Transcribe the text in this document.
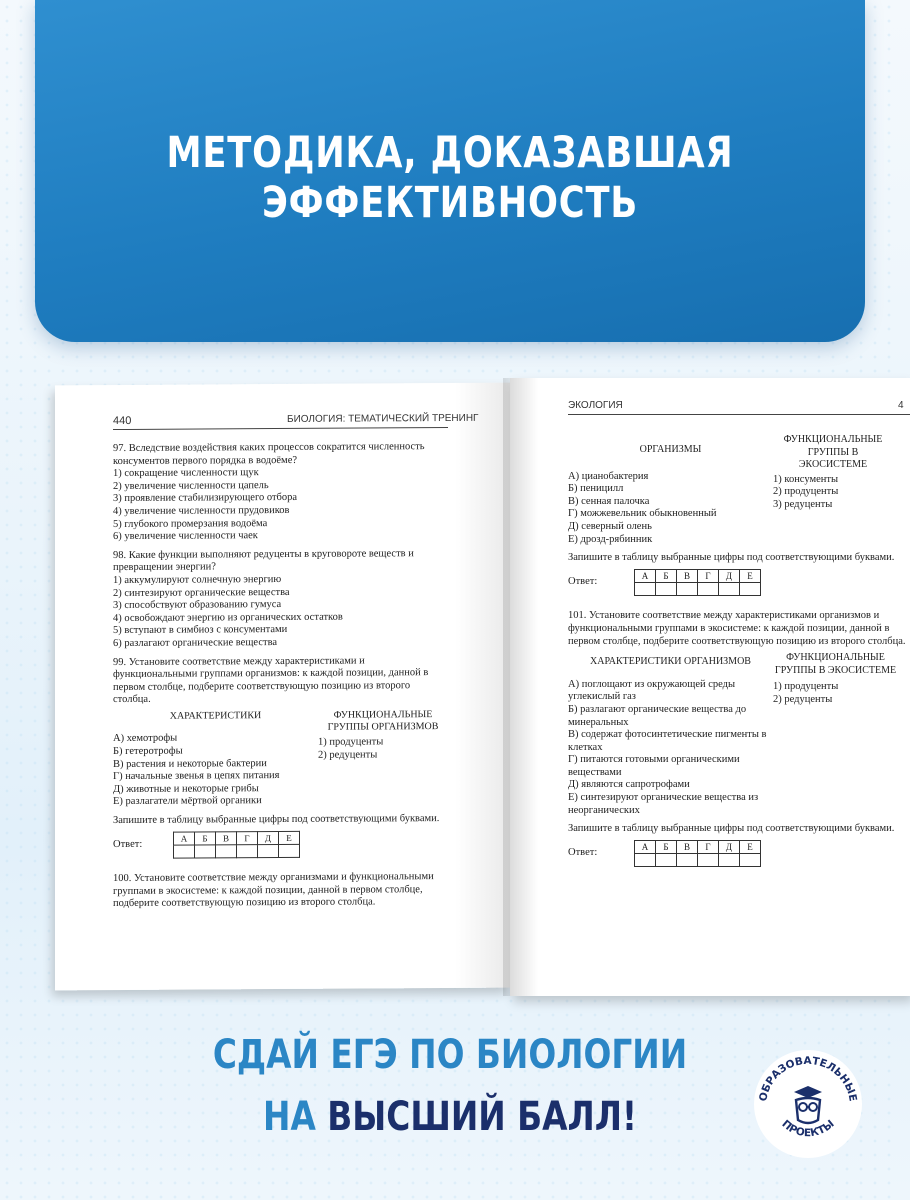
МЕТОДИКА, ДОКАЗАВШАЯ ЭФФЕКТИВНОСТЬ
440	БИОЛОГИЯ: ТЕМАТИЧЕСКИЙ ТРЕНИНГ

97. Вследствие воздействия каких процессов сократится численность консументов первого порядка в водоёме?

1) сокращение численности щук

2) увеличение численности цапель

3) проявление стабилизирующего отбора

4) увеличение численности прудовиков

5) глубокого промерзания водоёма

6) увеличение численности чаек

98. Какие функции выполняют редуценты в круговороте веществ и превращении энергии?

1) аккумулируют солнечную энергию

2) синтезируют органические вещества

3) способствуют образованию гумуса

4) освобождают энергию из органических остатков

5) вступают в симбиоз с консументами

6) разлагают органические вещества

99. Установите соответствие между характеристиками и функциональными группами организмов: к каждой позиции, данной в первом столбце, подберите соответствующую позицию из второго столбца.

ХАРАКТЕРИСТИКИ

А) хемотрофы

Б) гетеротрофы

В) растения и некоторые бактерии

Г) начальные звенья в цепях питания

Д) животные и некоторые грибы

Е) разлагатели мёртвой органики

ФУНКЦИОНАЛЬНЫЕ ГРУППЫ ОРГАНИЗМОВ

1) продуценты

2) редуценты

Запишите в таблицу выбранные цифры под соответствующими буквами.

Ответ:
А	Б	В	Г	Д	Е

100. Установите соответствие между организмами и функциональными группами в экосистеме: к каждой позиции, данной в первом столбце, подберите соответствующую позицию из второго столбца.

ЭКОЛОГИЯ	4
ОРГАНИЗМЫ

А) цианобактерия

Б) пеницилл

В) сенная палочка

Г) можжевельник обыкновенный

Д) северный олень

Е) дрозд-рябинник

ФУНКЦИОНАЛЬНЫЕ ГРУППЫ В ЭКОСИСТЕМЕ

1) консументы

2) продуценты

3) редуценты

Запишите в таблицу выбранные цифры под соответствующими буквами.

Ответ:
А	Б	В	Г	Д	Е

101. Установите соответствие между характеристиками организмов и функциональными группами в экосистеме: к каждой позиции, данной в первом столбце, подберите соответствующую позицию из второго столбца.

ХАРАКТЕРИСТИКИ ОРГАНИЗМОВ

А) поглощают из окружающей среды углекислый газ

Б) разлагают органические вещества до минеральных

В) содержат фотосинтетические пигменты в клетках

Г) питаются готовыми органическими веществами

Д) являются сапротрофами

Е) синтезируют органические вещества из неорганических

ФУНКЦИОНАЛЬНЫЕ ГРУППЫ В ЭКОСИСТЕМЕ

1) продуценты

2) редуценты

Запишите в таблицу выбранные цифры под соответствующими буквами.

Ответ:
А	Б	В	Г	Д	Е

СДАЙ ЕГЭ ПО БИОЛОГИИ
НА ВЫСШИЙ БАЛЛ!	ОБРАЗОВАТЕЛЬНЫЕ
ПРОЕКТЫ
